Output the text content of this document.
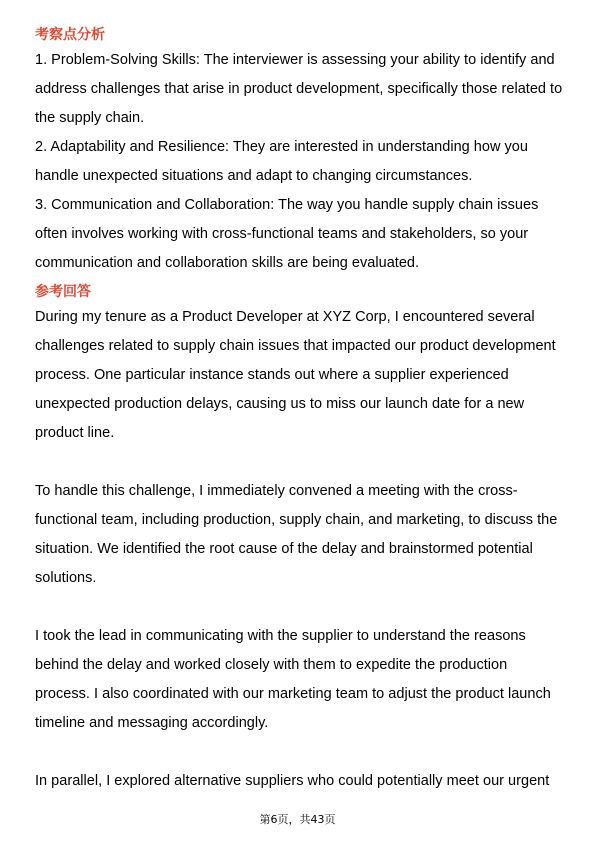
考察点分析

1. Problem-Solving Skills: The interviewer is assessing your ability to identify and address challenges that arise in product development, specifically those related to the supply chain.

2. Adaptability and Resilience: They are interested in understanding how you handle unexpected situations and adapt to changing circumstances.

3. Communication and Collaboration: The way you handle supply chain issues often involves working with cross-functional teams and stakeholders, so your communication and collaboration skills are being evaluated.

参考回答

During my tenure as a Product Developer at XYZ Corp, I encountered several challenges related to supply chain issues that impacted our product development process. One particular instance stands out where a supplier experienced unexpected production delays, causing us to miss our launch date for a new product line.

To handle this challenge, I immediately convened a meeting with the cross-functional team, including production, supply chain, and marketing, to discuss the situation. We identified the root cause of the delay and brainstormed potential solutions.

I took the lead in communicating with the supplier to understand the reasons behind the delay and worked closely with them to expedite the production process. I also coordinated with our marketing team to adjust the product launch timeline and messaging accordingly.

In parallel, I explored alternative suppliers who could potentially meet our urgent

第6页，共43页
